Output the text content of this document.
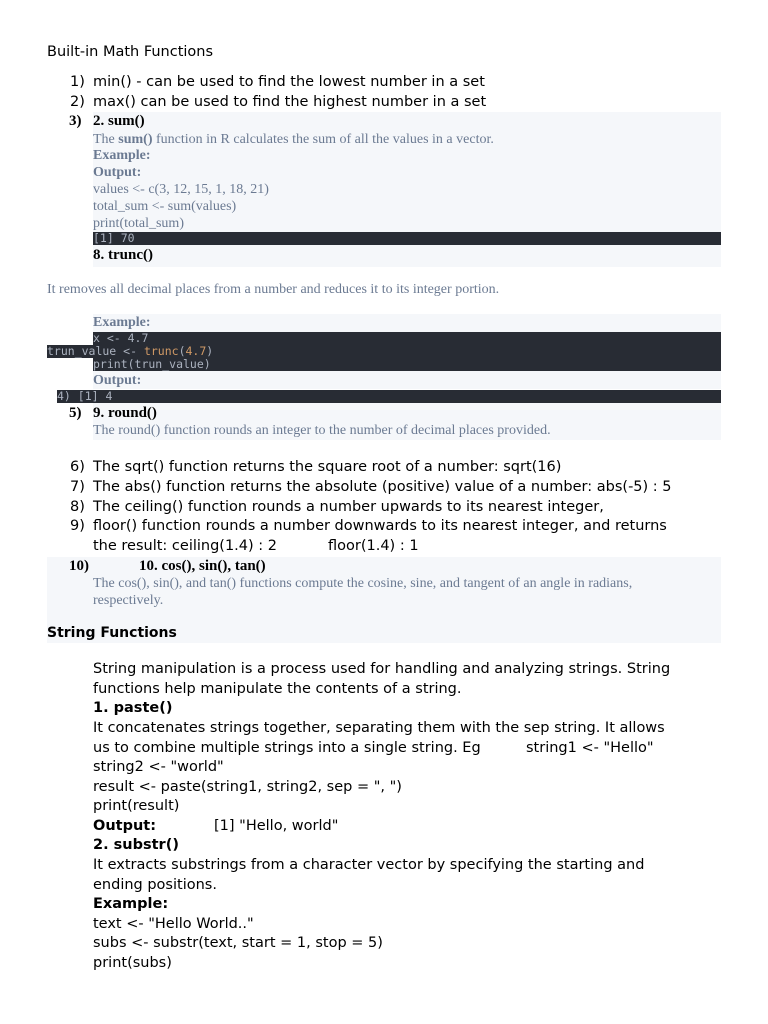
Built-in Math Functions
1) min() - can be used to find the lowest number in a set
2) max() can be used to find the highest number in a set
3) 2. sum()
The sum() function in R calculates the sum of all the values in a vector.
Example:
Output:
values <- c(3, 12, 15, 1, 18, 21)
total_sum <- sum(values)
print(total_sum)
[1] 70
8. trunc()
It removes all decimal places from a number and reduces it to its integer portion.
Example:
x <- 4.7
trun_value <- trunc(4.7)
print(trun_value)
Output:
4) [1] 4
5) 9. round()
The round() function rounds an integer to the number of decimal places provided.
6) The sqrt() function returns the square root of a number: sqrt(16)
7) The abs() function returns the absolute (positive) value of a number: abs(-5) : 5
8) The ceiling() function rounds a number upwards to its nearest integer,
9) floor() function rounds a number downwards to its nearest integer, and returns
the result: ceiling(1.4) : 2	floor(1.4) : 1
10)	10. cos(), sin(), tan()
The cos(), sin(), and tan() functions compute the cosine, sine, and tangent of an angle in radians,
respectively.
String Functions
String manipulation is a process used for handling and analyzing strings. String
functions help manipulate the contents of a string.
1. paste()
It concatenates strings together, separating them with the sep string. It allows
us to combine multiple strings into a single string. Eg	string1 <- "Hello"
string2 <- "world"
result <- paste(string1, string2, sep = ", ")
print(result)
Output:	[1] "Hello, world"
2. substr()
It extracts substrings from a character vector by specifying the starting and
ending positions.
Example:
text <- "Hello World.."
subs <- substr(text, start = 1, stop = 5)
print(subs)
